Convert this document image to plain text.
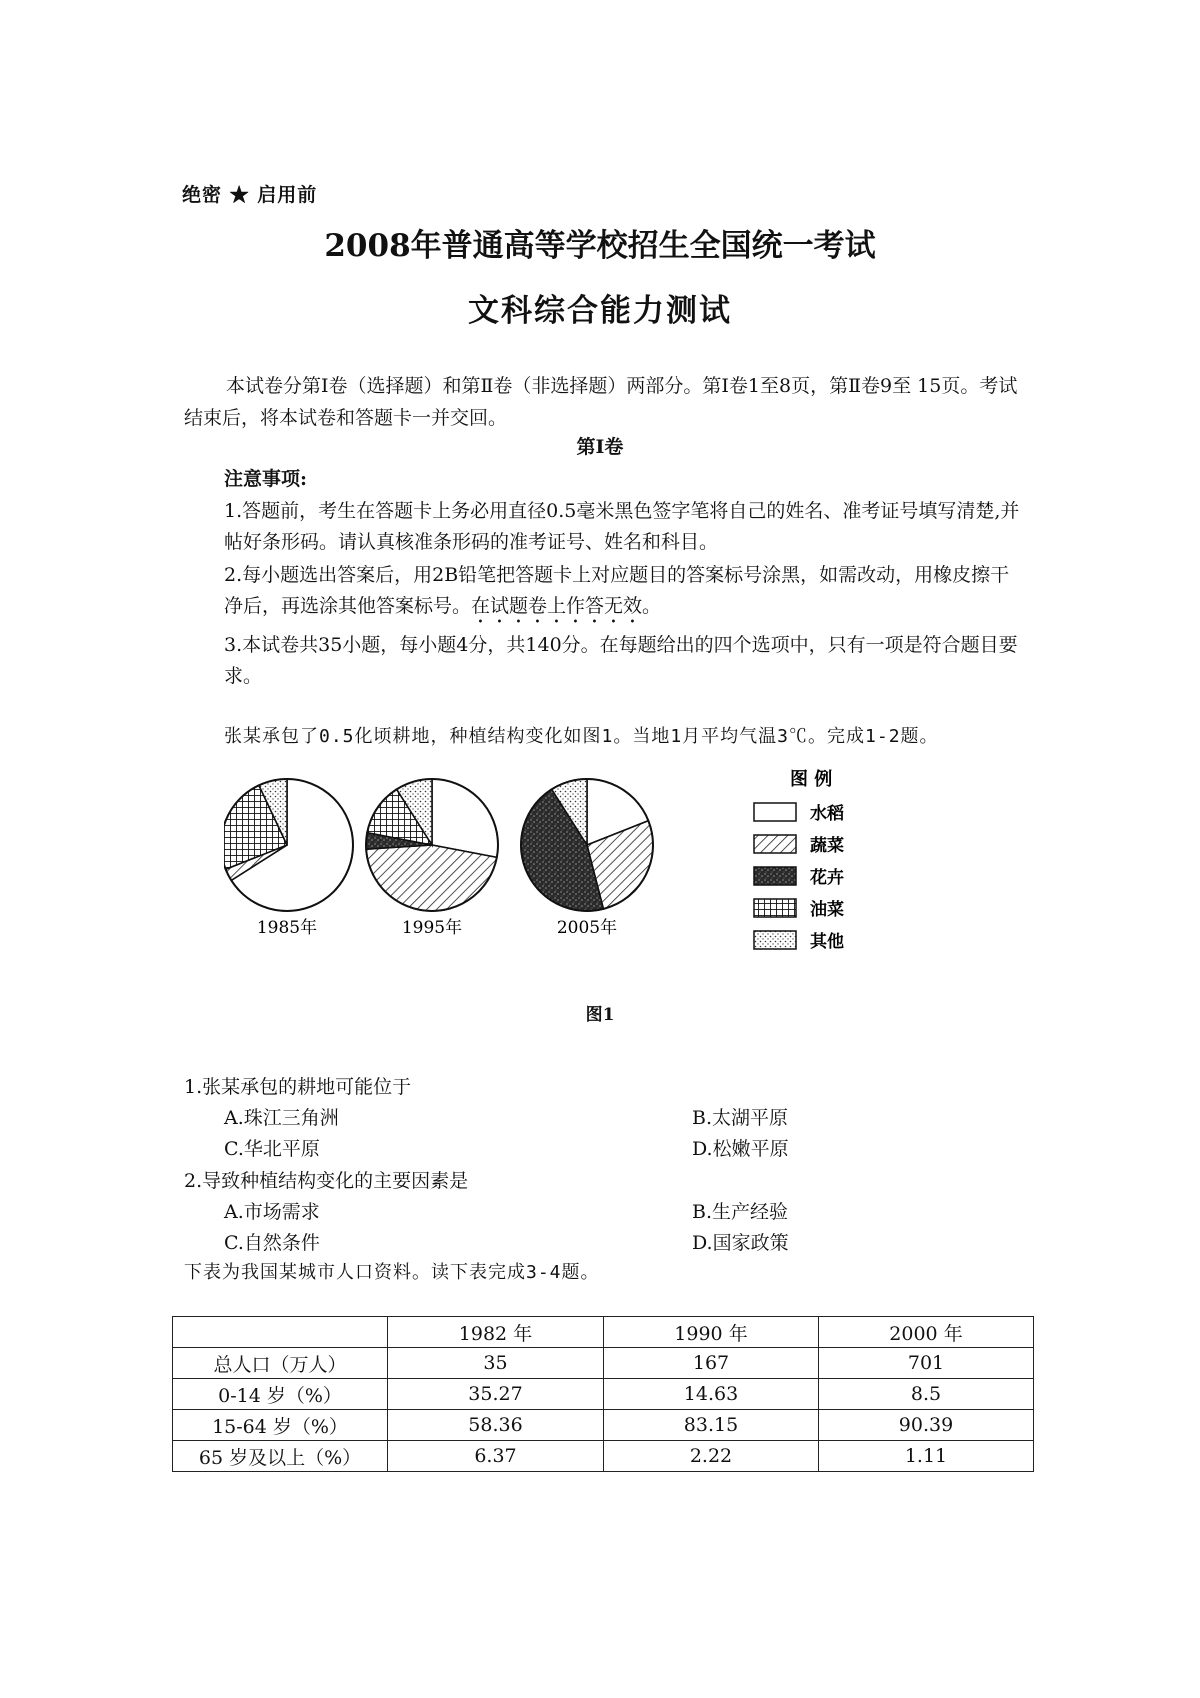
绝密 ★ 启用前
2008年普通高等学校招生全国统一考试
文科综合能力测试
本试卷分第Ⅰ卷（选择题）和第Ⅱ卷（非选择题）两部分。第Ⅰ卷1至8页，第Ⅱ卷9至 15页。考试结束后，将本试卷和答题卡一并交回。
第Ⅰ卷
注意事项:

1.答题前，考生在答题卡上务必用直径0.5毫米黑色签字笔将自己的姓名、准考证号填写清楚,并帖好条形码。请认真核准条形码的准考证号、姓名和科目。

2.每小题选出答案后，用2B铅笔把答题卡上对应题目的答案标号涂黑，如需改动，用橡皮擦干净后，再选涂其他答案标号。在试题卷上作答无效。

3.本试卷共35小题，每小题4分，共140分。在每题给出的四个选项中，只有一项是符合题目要求。

张某承包了0.5化顷耕地，种植结构变化如图1。当地1月平均气温3℃。完成1-2题。
1985年	1995年	2005年
图 例
水稻
蔬菜
花卉
油菜
其他
图1
1.张某承包的耕地可能位于
A.珠江三角洲	B.太湖平原
C.华北平原	D.松嫩平原
2.导致种植结构变化的主要因素是
A.市场需求	B.生产经验
C.自然条件	D.国家政策
下表为我国某城市人口资料。读下表完成3-4题。
	1982 年	1990 年	2000 年
总人口（万人）	35	167	701
0-14 岁（%）	35.27	14.63	8.5
15-64 岁（%）	58.36	83.15	90.39
65 岁及以上（%）	6.37	2.22	1.11
